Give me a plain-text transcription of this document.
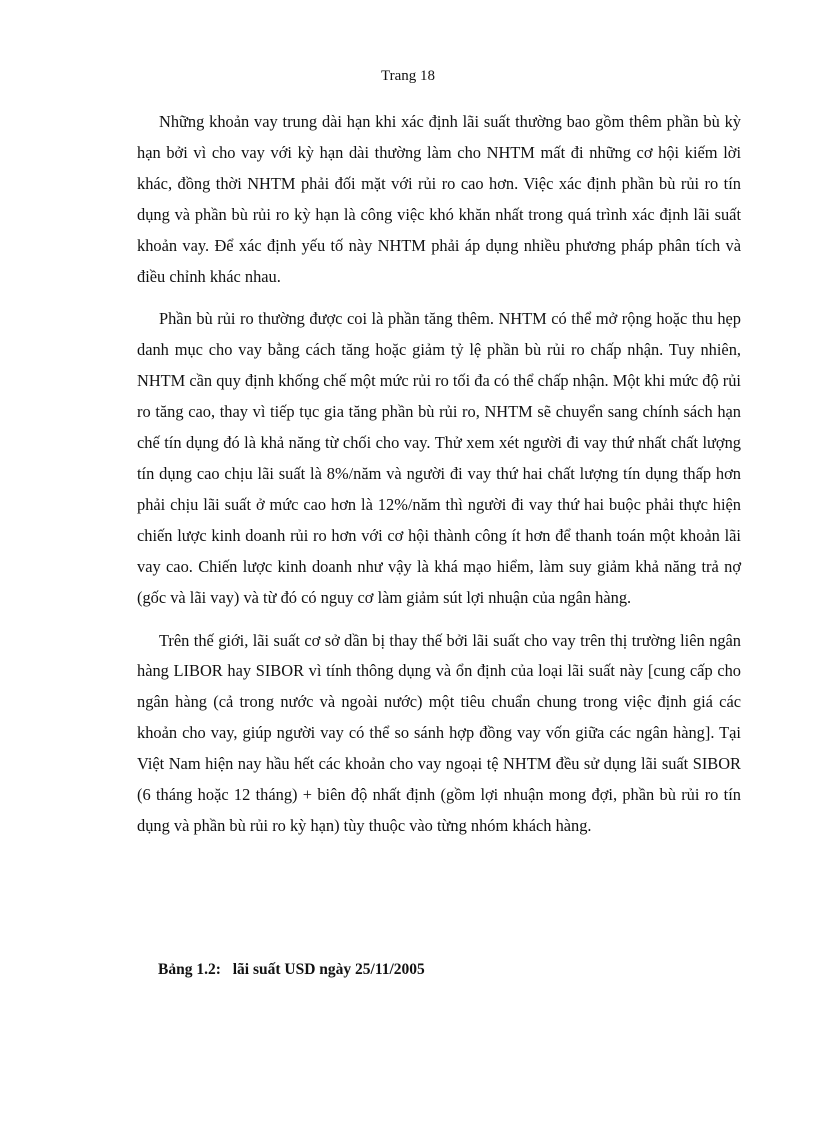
Trang 18

Những khoản vay trung dài hạn khi xác định lãi suất thường bao gồm thêm phần bù kỳ hạn bởi vì cho vay với kỳ hạn dài thường làm cho NHTM mất đi những cơ hội kiếm lời khác, đồng thời NHTM phải đối mặt với rủi ro cao hơn. Việc xác định phần bù rủi ro tín dụng và phần bù rủi ro kỳ hạn là công việc khó khăn nhất trong quá trình xác định lãi suất khoản vay. Để xác định yếu tố này NHTM phải áp dụng nhiều phương pháp phân tích và điều chỉnh khác nhau.

Phần bù rủi ro thường được coi là phần tăng thêm. NHTM có thể mở rộng hoặc thu hẹp danh mục cho vay bằng cách tăng hoặc giảm tỷ lệ phần bù rủi ro chấp nhận. Tuy nhiên, NHTM cần quy định khống chế một mức rủi ro tối đa có thể chấp nhận. Một khi mức độ rủi ro tăng cao, thay vì tiếp tục gia tăng phần bù rủi ro, NHTM sẽ chuyển sang chính sách hạn chế tín dụng đó là khả năng từ chối cho vay. Thử xem xét người đi vay thứ nhất chất lượng tín dụng cao chịu lãi suất là 8%/năm và người đi vay thứ hai chất lượng tín dụng thấp hơn phải chịu lãi suất ở mức cao hơn là 12%/năm thì người đi vay thứ hai buộc phải thực hiện chiến lược kinh doanh rủi ro hơn với cơ hội thành công ít hơn để thanh toán một khoản lãi vay cao. Chiến lược kinh doanh như vậy là khá mạo hiểm, làm suy giảm khả năng trả nợ (gốc và lãi vay) và từ đó có nguy cơ làm giảm sút lợi nhuận của ngân hàng.

Trên thế giới, lãi suất cơ sở dần bị thay thế bởi lãi suất cho vay trên thị trường liên ngân hàng LIBOR hay SIBOR vì tính thông dụng và ổn định của loại lãi suất này [cung cấp cho ngân hàng (cả trong nước và ngoài nước) một tiêu chuẩn chung trong việc định giá các khoản cho vay, giúp người vay có thể so sánh hợp đồng vay vốn giữa các ngân hàng]. Tại Việt Nam hiện nay hầu hết các khoản cho vay ngoại tệ NHTM đều sử dụng lãi suất SIBOR (6 tháng hoặc 12 tháng) + biên độ nhất định (gồm lợi nhuận mong đợi, phần bù rủi ro tín dụng và phần bù rủi ro kỳ hạn) tùy thuộc vào từng nhóm khách hàng.

Bảng 1.2: lãi suất USD ngày 25/11/2005
